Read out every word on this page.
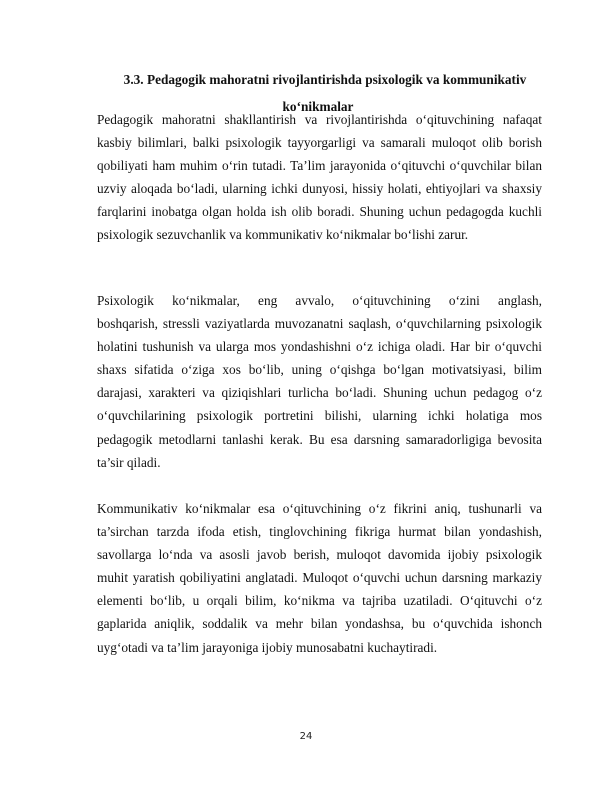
3.3. Pedagogik mahoratni rivojlantirishda psixologik va kommunikativ
ko‘nikmalar
Pedagogik mahoratni shakllantirish va rivojlantirishda o‘qituvchining nafaqat
kasbiy bilimlari, balki psixologik tayyorgarligi va samarali muloqot olib borish
qobiliyati ham muhim o‘rin tutadi. Ta’lim jarayonida o‘qituvchi o‘quvchilar bilan
uzviy aloqada bo‘ladi, ularning ichki dunyosi, hissiy holati, ehtiyojlari va shaxsiy
farqlarini inobatga olgan holda ish olib boradi. Shuning uchun pedagogda kuchli
psixologik sezuvchanlik va kommunikativ ko‘nikmalar bo‘lishi zarur.
Psixologik ko‘nikmalar, eng avvalo, o‘qituvchining o‘zini anglash,
boshqarish, stressli vaziyatlarda muvozanatni saqlash, o‘quvchilarning psixologik
holatini tushunish va ularga mos yondashishni o‘z ichiga oladi. Har bir o‘quvchi
shaxs sifatida o‘ziga xos bo‘lib, uning o‘qishga bo‘lgan motivatsiyasi, bilim
darajasi, xarakteri va qiziqishlari turlicha bo‘ladi. Shuning uchun pedagog o‘z
o‘quvchilarining psixologik portretini bilishi, ularning ichki holatiga mos
pedagogik metodlarni tanlashi kerak. Bu esa darsning samaradorligiga bevosita
ta’sir qiladi.
Kommunikativ ko‘nikmalar esa o‘qituvchining o‘z fikrini aniq, tushunarli va
ta’sirchan tarzda ifoda etish, tinglovchining fikriga hurmat bilan yondashish,
savollarga lo‘nda va asosli javob berish, muloqot davomida ijobiy psixologik
muhit yaratish qobiliyatini anglatadi. Muloqot o‘quvchi uchun darsning markaziy
elementi bo‘lib, u orqali bilim, ko‘nikma va tajriba uzatiladi. O‘qituvchi o‘z
gaplarida aniqlik, soddalik va mehr bilan yondashsa, bu o‘quvchida ishonch
uyg‘otadi va ta’lim jarayoniga ijobiy munosabatni kuchaytiradi.
24
